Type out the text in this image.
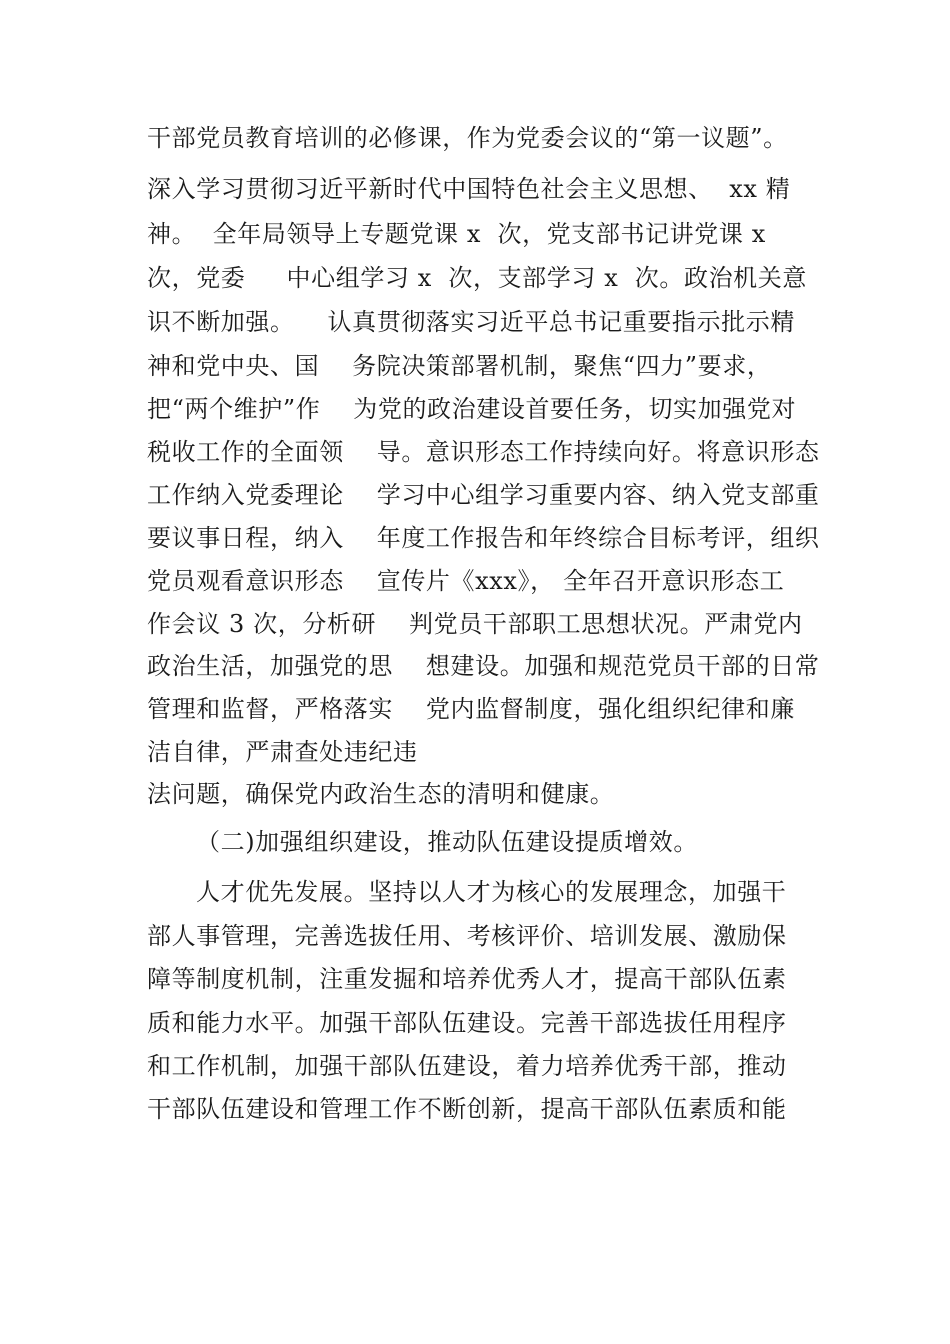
干部党员教育培训的必修课，作为党委会议的“第一议题”。
深入学习贯彻习近平新时代中国特色社会主义思想、  xx 精
神。  全年局领导上专题党课 x  次，党支部书记讲党课 x
次，党委     中心组学习 x  次，支部学习 x  次。政治机关意
识不断加强。    认真贯彻落实习近平总书记重要指示批示精
神和党中央、国    务院决策部署机制，聚焦“四力”要求，
把“两个维护”作    为党的政治建设首要任务，切实加强党对
税收工作的全面领    导。意识形态工作持续向好。将意识形态
工作纳入党委理论    学习中心组学习重要内容、纳入党支部重
要议事日程，纳入    年度工作报告和年终综合目标考评，组织
党员观看意识形态    宣传片《xxx》， 全年召开意识形态工
作会议 3 次，分析研    判党员干部职工思想状况。严肃党内
政治生活，加强党的思    想建设。加强和规范党员干部的日常
管理和监督，严格落实    党内监督制度，强化组织纪律和廉
洁自律，严肃查处违纪违
法问题，确保党内政治生态的清明和健康。
（二)加强组织建设，推动队伍建设提质增效。
人才优先发展。坚持以人才为核心的发展理念，加强干
部人事管理，完善选拔任用、考核评价、培训发展、激励保
障等制度机制，注重发掘和培养优秀人才，提高干部队伍素
质和能力水平。加强干部队伍建设。完善干部选拔任用程序
和工作机制，加强干部队伍建设，着力培养优秀干部，推动
干部队伍建设和管理工作不断创新，提高干部队伍素质和能
